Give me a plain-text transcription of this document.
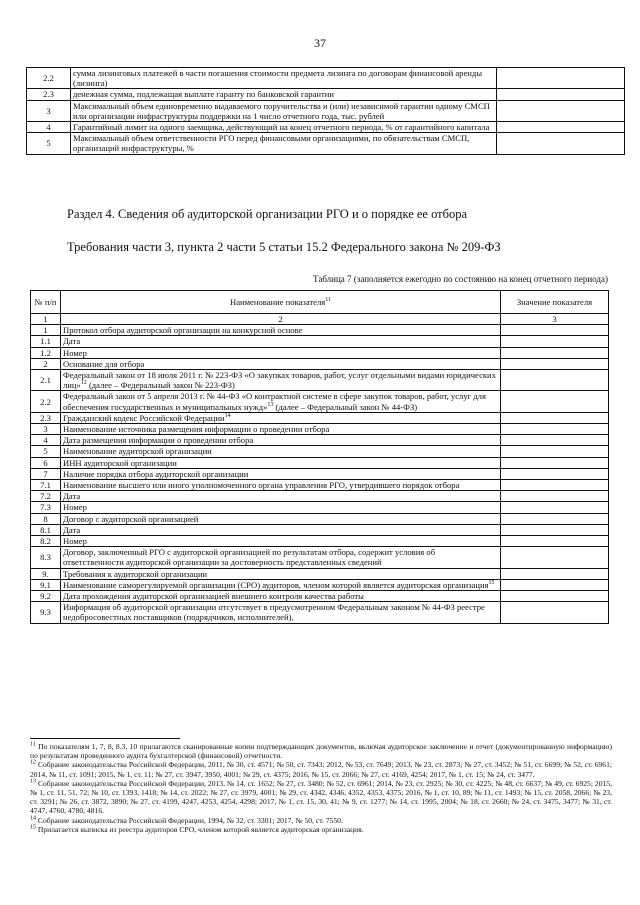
37
2.2	сумма лизинговых платежей в части погашения стоимости предмета лизинга по договорам финансовой аренды (лизинга)	
2.3	денежная сумма, подлежащая выплате гаранту по банковской гарантии	
3	Максимальный объем единовременно выдаваемого поручительства и (или) независимой гарантии одному СМСП или организации инфраструктуры поддержки на 1 число отчетного года, тыс. рублей	
4	Гарантийный лимит на одного заемщика, действующий на конец отчетного периода, % от гарантийного капитала	
5	Максимальный объем ответственности РГО перед финансовыми организациями, по обязательствам СМСП, организаций инфраструктуры, %	
Раздел 4. Сведения об аудиторской организации РГО и о порядке ее отбора
Требования части 3, пункта 2 части 5 статьи 15.2 Федерального закона № 209-ФЗ
Таблица 7 (заполняется ежегодно по состоянию на конец отчетного периода)
№ п/п	Наименование показателя$^{11}$	Значение показателя
1	2	3
1	Протокол отбора аудиторской организации на конкурсной основе	
1.1	Дата	
1.2	Номер	
2	Основание для отбора	
2.1	Федеральный закон от 18 июля 2011 г. № 223-ФЗ «О закупках товаров, работ, услуг отдельными видами юридических лиц»$^{12}$ (далее – Федеральный закон № 223-ФЗ)	
2.2	Федеральный закон от 5 апреля 2013 г. № 44-ФЗ «О контрактной системе в сфере закупок товаров, работ, услуг для обеспечения государственных и муниципальных нужд»$^{13}$ (далее – Федеральный закон № 44-ФЗ)	
2.3	Гражданский кодекс Российской Федерации$^{14}$	
3	Наименование источника размещения информации о проведении отбора	
4	Дата размещения информации о проведении отбора	
5	Наименование аудиторской организации	
6	ИНН аудиторской организации	
7	Наличие порядка отбора аудиторской организации	
7.1	Наименование высшего или иного уполномоченного органа управления РГО, утвердившего порядок отбора	
7.2	Дата	
7.3	Номер	
8	Договор с аудиторской организацией	
8.1	Дата	
8.2	Номер	
8.3	Договор, заключенный РГО с аудиторской организацией по результатам отбора, содержит условия об ответственности аудиторской организации за достоверность представленных сведений	
9.	Требования к аудиторской организации	
9.1	Наименование саморегулируемой организации (СРО) аудиторов, членом которой является аудиторская организация$^{15}$	
9.2	Дата прохождения аудиторской организацией внешнего контроля качества работы	
9.3	Информация об аудиторской организации отсутствует в предусмотренном Федеральным законом № 44-ФЗ реестре недобросовестных поставщиков (подрядчиков, исполнителей),	

$^{11}$ По показателям 1, 7, 8, 8.3, 10 прилагаются сканированные копии подтверждающих документов, включая аудиторское заключение и отчет (документированную информацию) по результатам проведенного аудита бухгалтерской (финансовой) отчетности.

$^{12}$ Собрание законодательства Российской Федерации, 2011, № 30, ст. 4571; № 50, ст. 7343; 2012, № 53, ст. 7649; 2013, № 23, ст. 2873; № 27, ст. 3452; № 51, ст. 6699; № 52, ст. 6961; 2014, № 11, ст. 1091; 2015, № 1, ст. 11; № 27, ст. 3947, 3950, 4001; № 29, ст. 4375; 2016, № 15, ст. 2066; № 27, ст. 4169, 4254; 2017, № 1, ст. 15; № 24, ст. 3477.

$^{13}$ Собрание законодательства Российской Федерации, 2013, № 14, ст. 1652; № 27, ст. 3480; № 52, ст. 6961; 2014, № 23, ст. 2925; № 30, ст. 4225; № 48, ст. 6637; № 49, ст. 6925; 2015, № 1, ст. 11, 51, 72; № 10, ст. 1393, 1418; № 14, ст. 2022; № 27, ст. 3979, 4001; № 29, ст. 4342, 4346, 4352, 4353, 4375; 2016, № 1, ст. 10, 89; № 11, ст. 1493; № 15, ст. 2058, 2066; № 23, ст. 3291; № 26, ст. 3872, 3890; № 27, ст. 4199, 4247, 4253, 4254, 4298; 2017, № 1, ст. 15, 30, 41; № 9, ст. 1277; № 14, ст. 1995, 2004; № 18, ст. 2660; № 24, ст. 3475, 3477; № 31, ст. 4747, 4760, 4780, 4816.

$^{14}$ Собрание законодательства Российской Федерации, 1994, № 32, ст. 3301; 2017, № 50, ст. 7550.

$^{15}$ Прилагается выписка из реестра аудиторов СРО, членом которой является аудиторская организация.
